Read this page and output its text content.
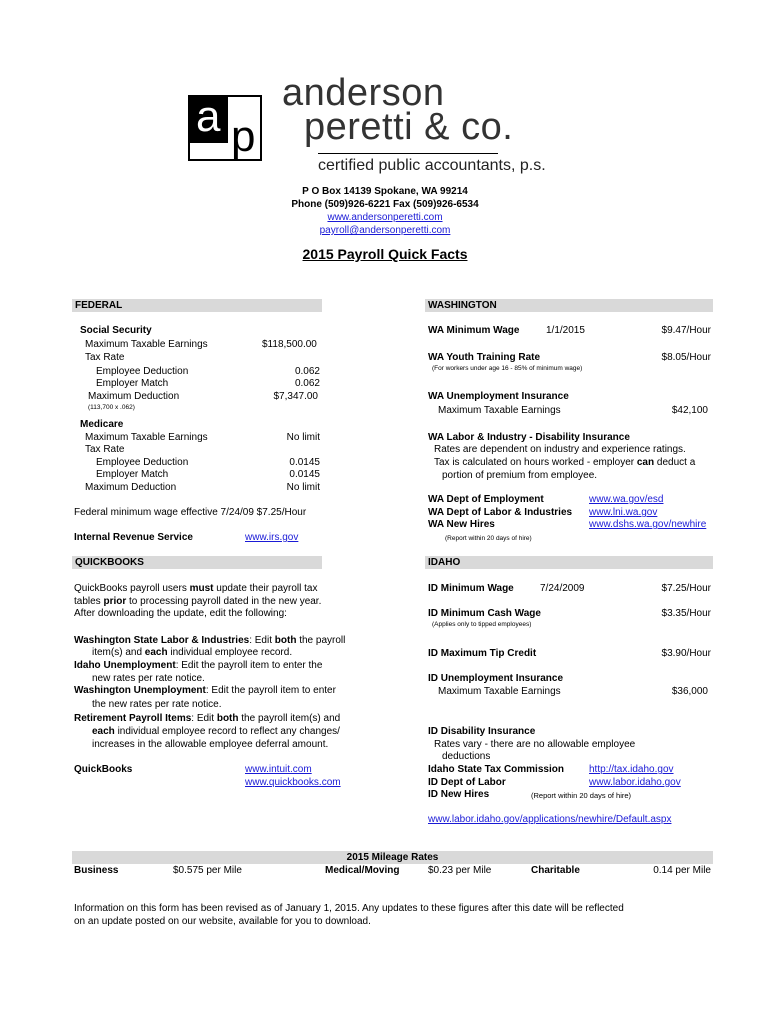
a p
anderson
peretti & co.
certified public accountants, p.s.
P O Box 14139 Spokane, WA 99214
Phone (509)926-6221 Fax (509)926-6534
www.andersonperetti.com
payroll@andersonperetti.com
2015 Payroll Quick Facts
FEDERAL	WASHINGTON
QUICKBOOKS	IDAHO
2015 Mileage Rates
Social Security
Maximum Taxable Earnings	$118,500.00
Tax Rate
Employee Deduction	0.062
Employer Match	0.062
Maximum Deduction	$7,347.00
(113,700 x .062)
Medicare
Maximum Taxable Earnings	No limit
Tax Rate
Employee Deduction	0.0145
Employer Match	0.0145
Maximum Deduction	No limit
Federal minimum wage effective 7/24/09 $7.25/Hour
Internal Revenue Service	www.irs.gov
QuickBooks payroll users must update their payroll tax
tables prior to processing payroll dated in the new year.
After downloading the update, edit the following:
Washington State Labor & Industries: Edit both the payroll
item(s) and each individual employee record.
Idaho Unemployment: Edit the payroll item to enter the
new rates per rate notice.
Washington Unemployment: Edit the payroll item to enter
the new rates per rate notice.
Retirement Payroll Items: Edit both the payroll item(s) and
each individual employee record to reflect any changes/
increases in the allowable employee deferral amount.
QuickBooks	www.intuit.com
www.quickbooks.com
WA Minimum Wage	1/1/2015	$9.47/Hour
WA Youth Training Rate	$8.05/Hour
(For workers under age 16 - 85% of minimum wage)
WA Unemployment Insurance
Maximum Taxable Earnings	$42,100
WA Labor & Industry - Disability Insurance
Rates are dependent on industry and experience ratings.
Tax is calculated on hours worked - employer can deduct a
portion of premium from employee.
WA Dept of Employment	www.wa.gov/esd
WA Dept of Labor & Industries www.lni.wa.gov
WA New Hires	www.dshs.wa.gov/newhire
(Report within 20 days of hire)
ID Minimum Wage	7/24/2009	$7.25/Hour
ID Minimum Cash Wage	$3.35/Hour
(Applies only to tipped employees)
ID Maximum Tip Credit	$3.90/Hour
ID Unemployment Insurance
Maximum Taxable Earnings	$36,000
ID Disability Insurance
Rates vary - there are no allowable employee
deductions
Idaho State Tax Commission	http://tax.idaho.gov
ID Dept of Labor	www.labor.idaho.gov
ID New Hires	(Report within 20 days of hire)
www.labor.idaho.gov/applications/newhire/Default.aspx
Business	$0.575 per Mile	Medical/Moving	$0.23 per Mile	Charitable	0.14 per Mile
Information on this form has been revised as of January 1, 2015. Any updates to these figures after this date will be reflected
on an update posted on our website, available for you to download.
